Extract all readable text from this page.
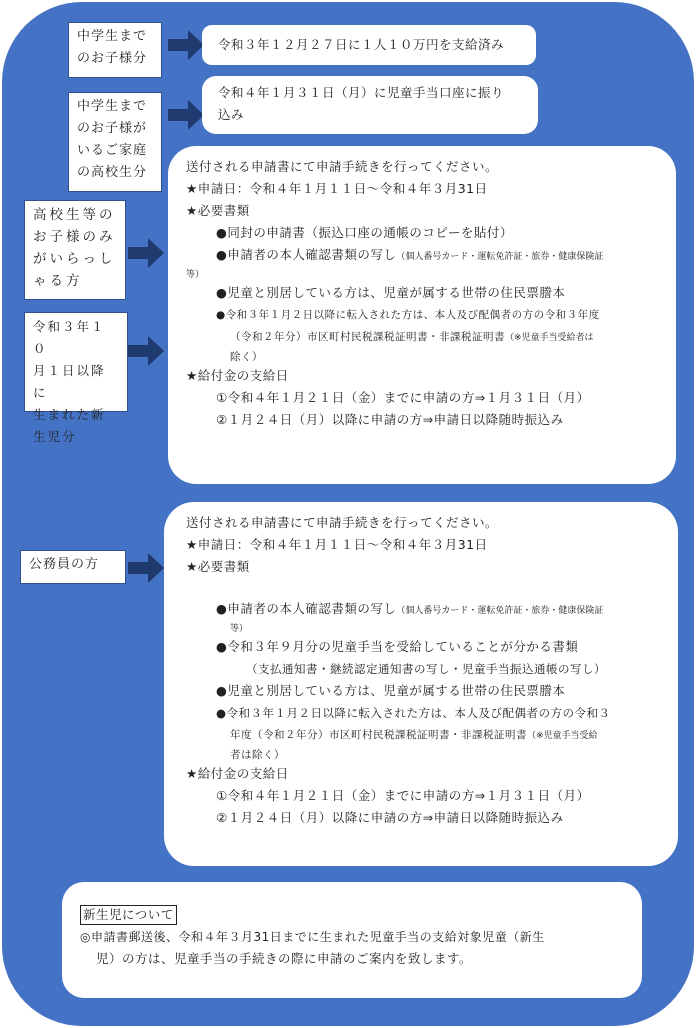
中学生まで
のお子様分
令和３年１２月２７日に１人１０万円を支給済み
中学生まで
のお子様が
いるご家庭
の高校生分
令和４年１月３１日（月）に児童手当口座に振り
込み
高校生等の
お子様のみ
がいらっし
ゃる方
令和３年１０
月１日以降に
生まれた新
生児分
送付される申請書にて申請手続きを行ってください。
★申請日：令和４年１月１１日～令和４年３月31日
★必要書類
●同封の申請書（振込口座の通帳のコピーを貼付）
●申請者の本人確認書類の写し（個人番号カード・運転免許証・旅券・健康保険証
等）
●児童と別居している方は、児童が属する世帯の住民票謄本
●令和３年１月２日以降に転入された方は、本人及び配偶者の方の令和３年度
（令和２年分）市区町村民税課税証明書・非課税証明書（※児童手当受給者は
除く）
★給付金の支給日
①令和４年１月２１日（金）までに申請の方⇒１月３１日（月）
②１月２４日（月）以降に申請の方⇒申請日以降随時振込み
公務員の方
送付される申請書にて申請手続きを行ってください。
★申請日：令和４年１月１１日～令和４年３月31日
★必要書類
●申請者の本人確認書類の写し（個人番号カード・運転免許証・旅券・健康保険証
等）
●令和３年９月分の児童手当を受給していることが分かる書類
（支払通知書・継続認定通知書の写し・児童手当振込通帳の写し）
●児童と別居している方は、児童が属する世帯の住民票謄本
●令和３年１月２日以降に転入された方は、本人及び配偶者の方の令和３
年度（令和２年分）市区町村民税課税証明書・非課税証明書（※児童手当受給
者は除く）
★給付金の支給日
①令和４年１月２１日（金）までに申請の方⇒１月３１日（月）
②１月２４日（月）以降に申請の方⇒申請日以降随時振込み
新生児について
◎申請書郵送後、令和４年３月31日までに生まれた児童手当の支給対象児童（新生
児）の方は、児童手当の手続きの際に申請のご案内を致します。
